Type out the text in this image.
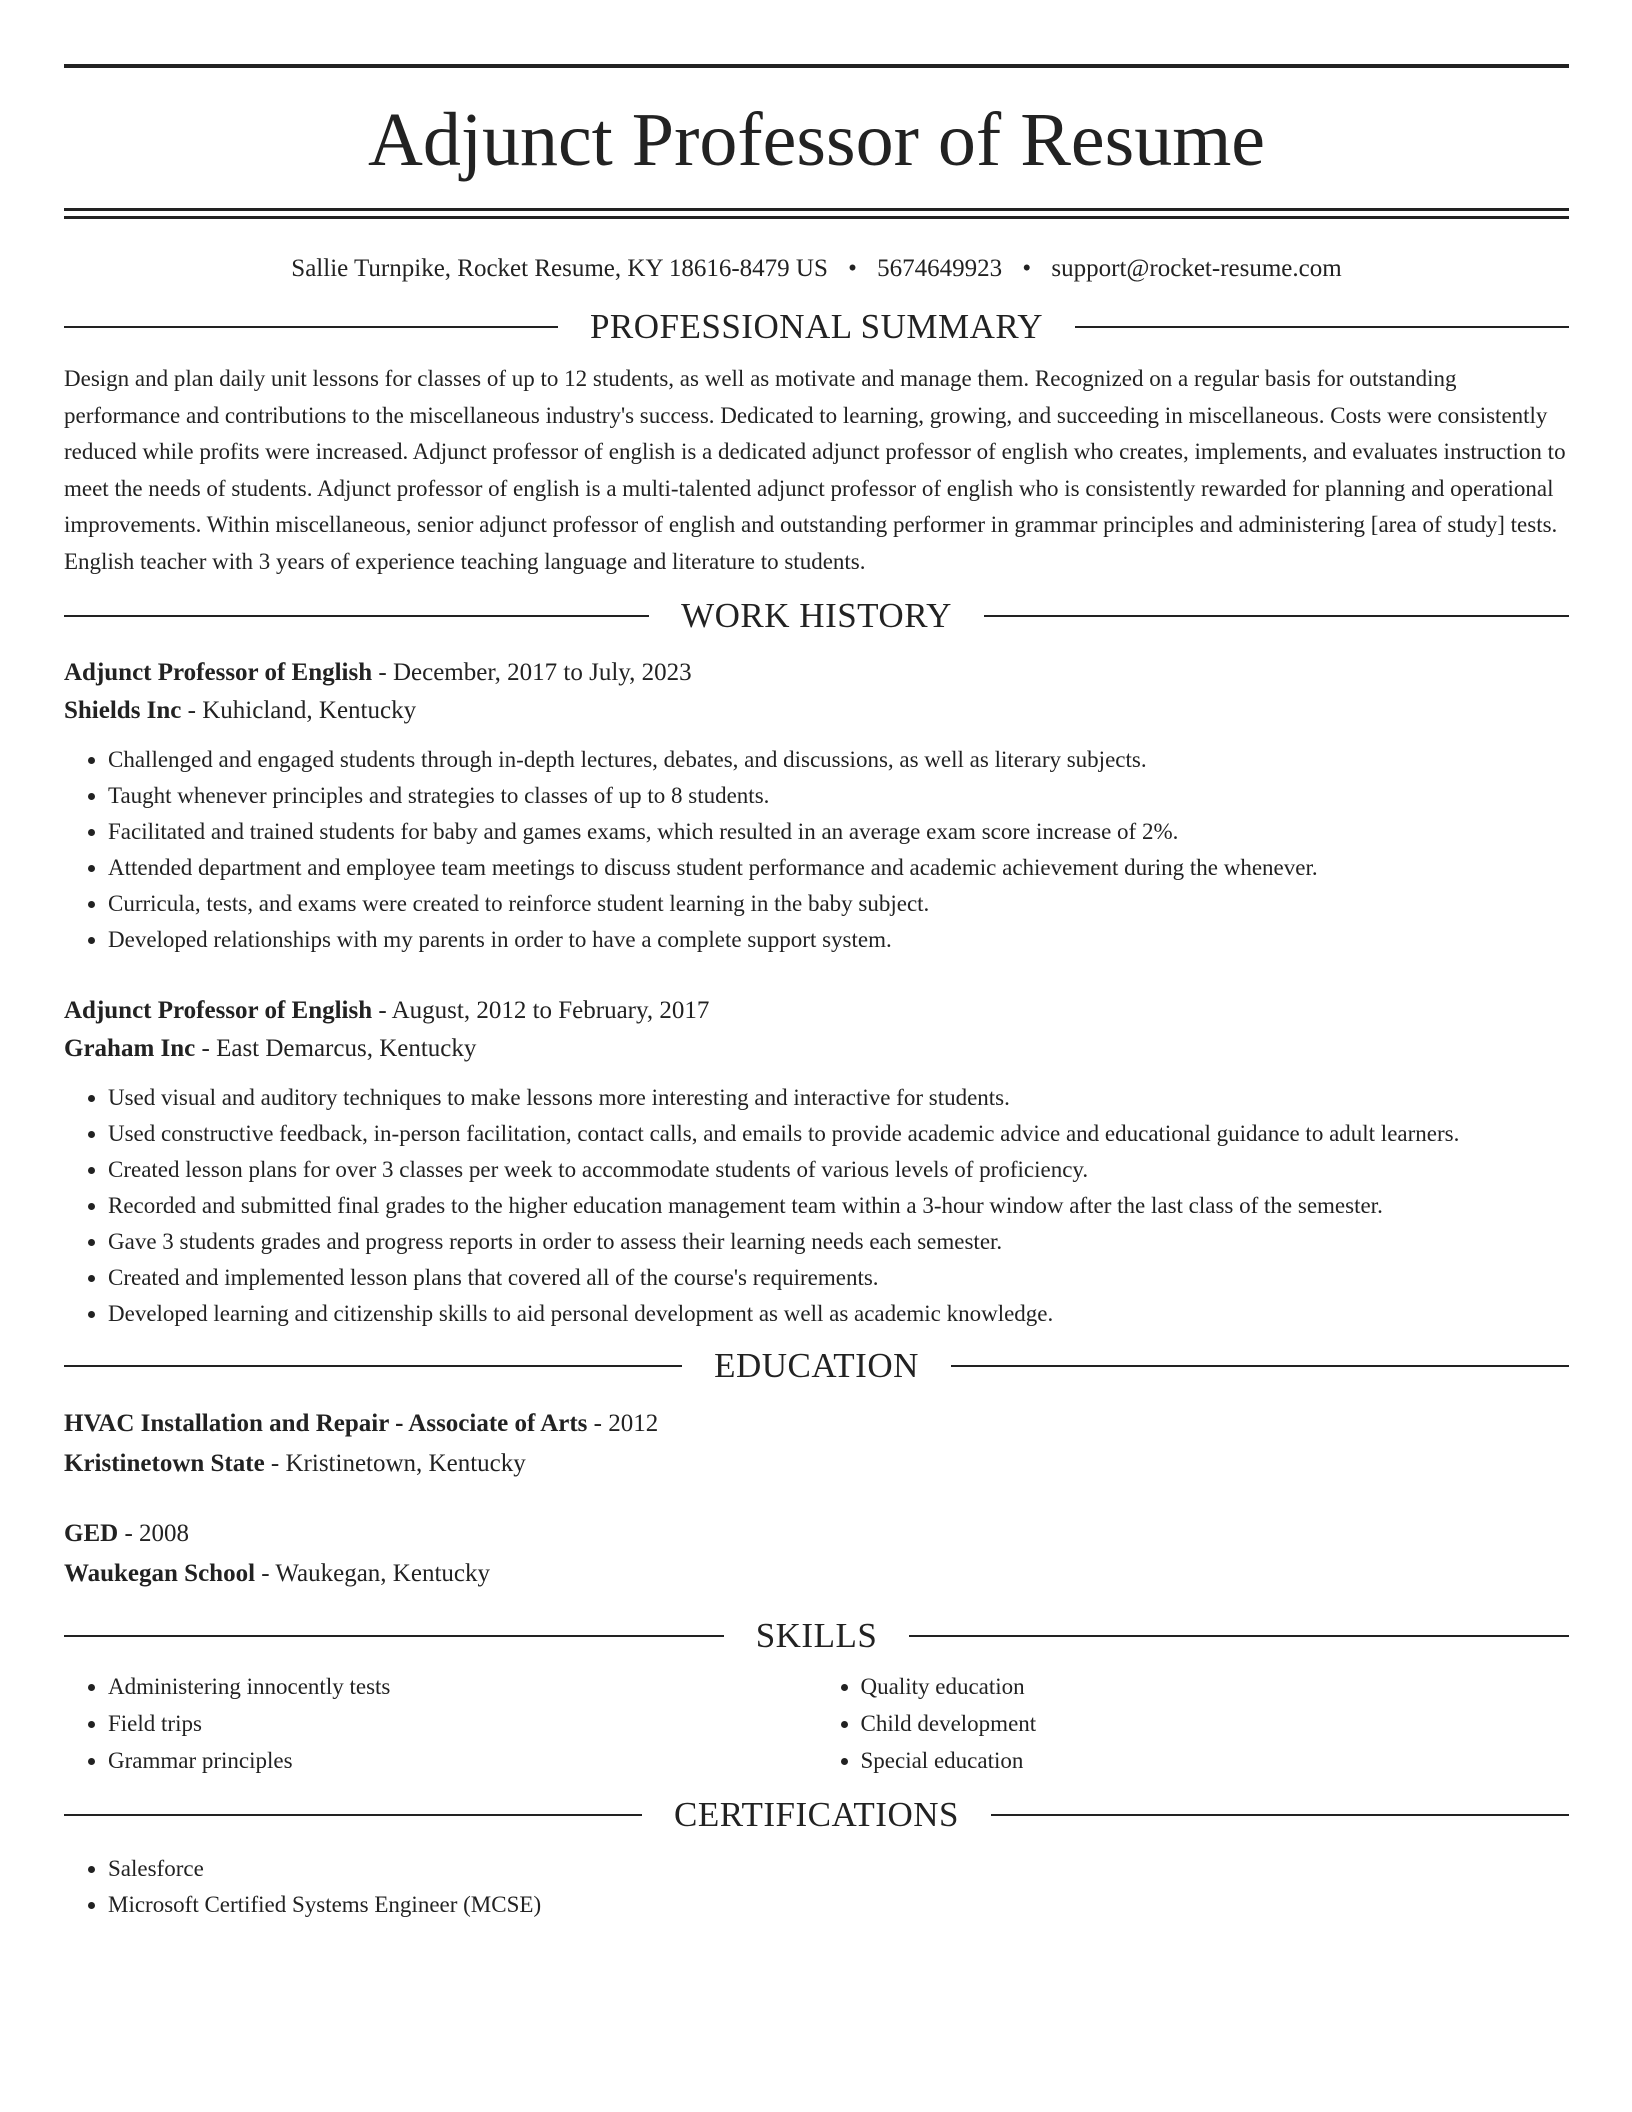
Adjunct Professor of Resume
Sallie Turnpike, Rocket Resume, KY 18616-8479 US • 5674649923 • support@rocket-resume.com
PROFESSIONAL SUMMARY

Design and plan daily unit lessons for classes of up to 12 students, as well as motivate and manage them. Recognized on a regular basis for outstanding performance and contributions to the miscellaneous industry's success. Dedicated to learning, growing, and succeeding in miscellaneous. Costs were consistently reduced while profits were increased. Adjunct professor of english is a dedicated adjunct professor of english who creates, implements, and evaluates instruction to meet the needs of students. Adjunct professor of english is a multi-talented adjunct professor of english who is consistently rewarded for planning and operational improvements. Within miscellaneous, senior adjunct professor of english and outstanding performer in grammar principles and administering [area of study] tests. English teacher with 3 years of experience teaching language and literature to students.

WORK HISTORY
Adjunct Professor of English - December, 2017 to July, 2023
Shields Inc - Kuhicland, Kentucky
• Challenged and engaged students through in-depth lectures, debates, and discussions, as well as literary subjects.
• Taught whenever principles and strategies to classes of up to 8 students.
• Facilitated and trained students for baby and games exams, which resulted in an average exam score increase of 2%.
• Attended department and employee team meetings to discuss student performance and academic achievement during the whenever.
• Curricula, tests, and exams were created to reinforce student learning in the baby subject.
• Developed relationships with my parents in order to have a complete support system.
Adjunct Professor of English - August, 2012 to February, 2017
Graham Inc - East Demarcus, Kentucky
• Used visual and auditory techniques to make lessons more interesting and interactive for students.
• Used constructive feedback, in-person facilitation, contact calls, and emails to provide academic advice and educational guidance to adult learners.
• Created lesson plans for over 3 classes per week to accommodate students of various levels of proficiency.
• Recorded and submitted final grades to the higher education management team within a 3-hour window after the last class of the semester.
• Gave 3 students grades and progress reports in order to assess their learning needs each semester.
• Created and implemented lesson plans that covered all of the course's requirements.
• Developed learning and citizenship skills to aid personal development as well as academic knowledge.
EDUCATION
HVAC Installation and Repair - Associate of Arts - 2012
Kristinetown State - Kristinetown, Kentucky
GED - 2008
Waukegan School - Waukegan, Kentucky
SKILLS
• Administering innocently tests
• Field trips
• Grammar principles
• Quality education
• Child development
• Special education
CERTIFICATIONS
• Salesforce
• Microsoft Certified Systems Engineer (MCSE)
